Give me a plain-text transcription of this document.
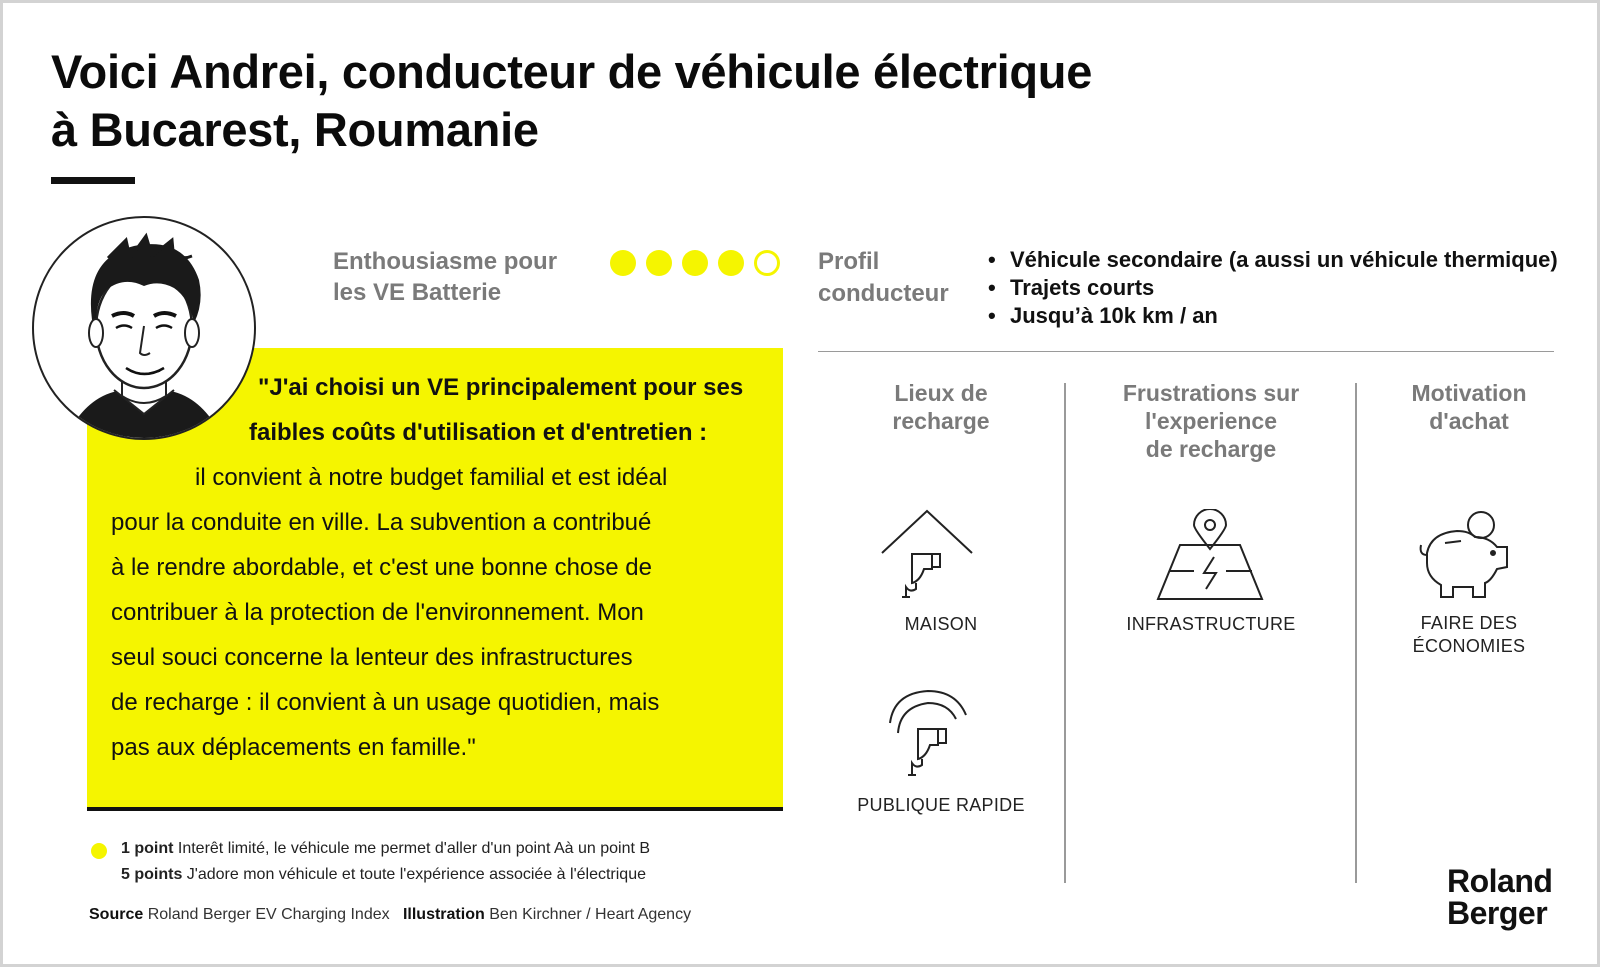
Voici Andrei, conducteur de véhicule électrique
à Bucarest, Roumanie
"J'ai choisi un VE principalement pour ses
faibles coûts d'utilisation et d'entretien :
il convient à notre budget familial et est idéal
pour la conduite en ville. La subvention a contribué
à le rendre abordable, et c'est une bonne chose de
contribuer à la protection de l'environnement. Mon
seul souci concerne la lenteur des infrastructures
de recharge : il convient à un usage quotidien, mais
pas aux déplacements en famille."
Enthousiasme pour
les VE Batterie
Profil
conducteur
• Véhicule secondaire (a aussi un véhicule thermique)
• Trajets courts
• Jusqu’à 10k km / an
Lieux de
recharge
MAISON
PUBLIQUE RAPIDE
Frustrations sur
l'experience
de recharge
INFRASTRUCTURE
Motivation
d'achat
FAIRE DES
ÉCONOMIES
1 point Interêt limité, le véhicule me permet d'aller d'un point Aà un point B
5 points J'adore mon véhicule et toute l'expérience associée à l'électrique
Source Roland Berger EV Charging Index Illustration Ben Kirchner / Heart Agency
Roland
Berger
